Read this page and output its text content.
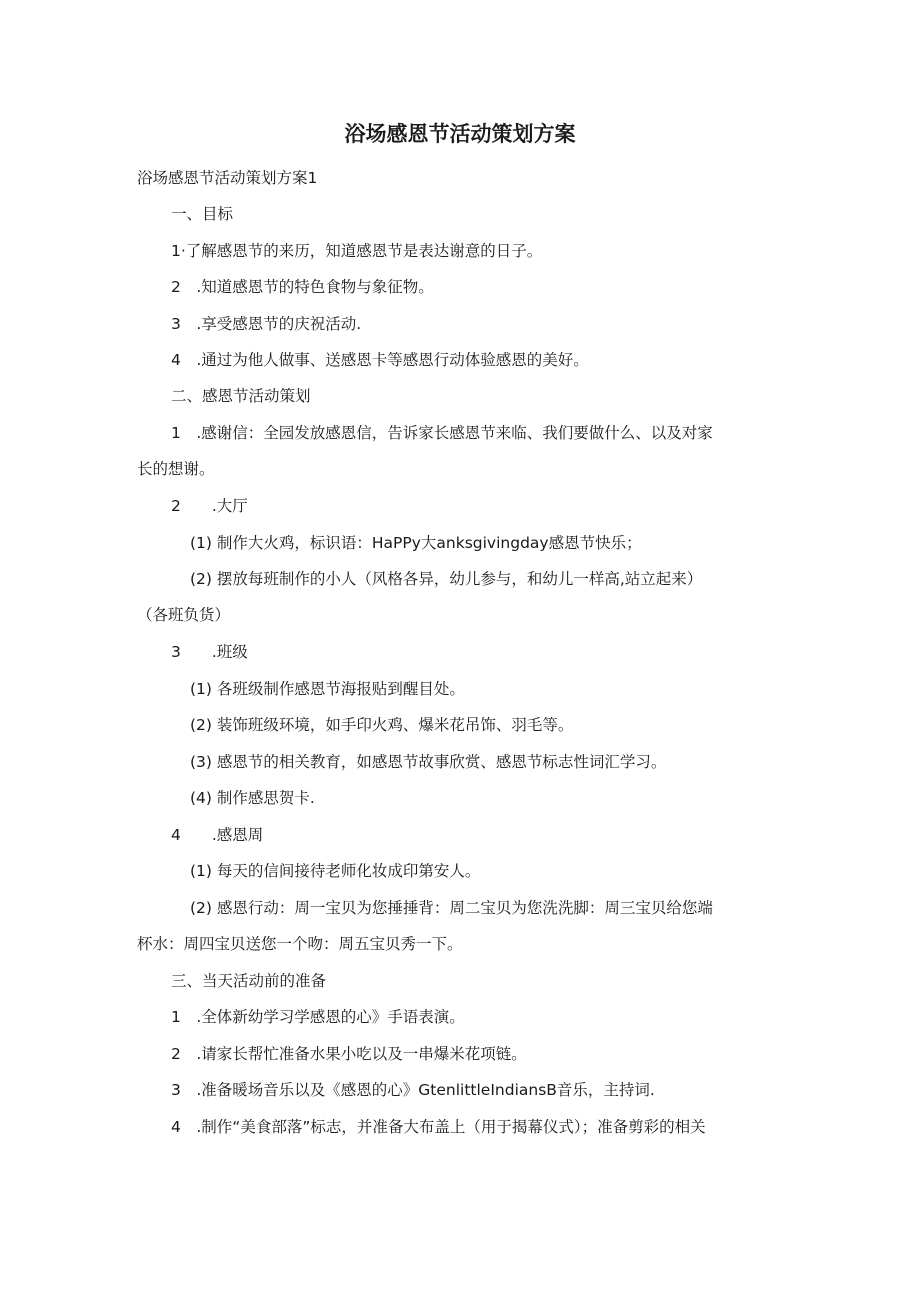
浴场感恩节活动策划方案
浴场感恩节活动策划方案1
一、目标
1·了解感恩节的来历，知道感恩节是表达谢意的日子。
2　.知道感恩节的特色食物与象征物。
3　.享受感恩节的庆祝活动.
4　.通过为他人做事、送感恩卡等感恩行动体验感恩的美好。
二、感恩节活动策划
1　.感谢信：全园发放感恩信，告诉家长感恩节来临、我们要做什么、以及对家
长的想谢。
2　　.大厅
(1) 制作大火鸡，标识语：HaPPy大anksgivingday感恩节快乐；
(2) 摆放每班制作的小人（风格各异，幼儿参与，和幼儿一样高,站立起来）
（各班负货）
3　　.班级
(1) 各班级制作感恩节海报贴到醒目处。
(2) 装饰班级环境，如手印火鸡、爆米花吊饰、羽毛等。
(3) 感恩节的相关教育，如感恩节故事欣赏、感恩节标志性词汇学习。
(4) 制作感思贺卡.
4　　.感恩周
(1) 每天的信间接待老师化妆成印第安人。
(2) 感恩行动：周一宝贝为您捶捶背：周二宝贝为您洗洗脚：周三宝贝给您端
杯水：周四宝贝送您一个吻：周五宝贝秀一下。
三、当天活动前的准备
1　.全体新幼学习学感恩的心》手语表演。
2　.请家长帮忙准备水果小吃以及一串爆米花项链。
3　.准备暖场音乐以及《感恩的心》GtenlittleIndiansB音乐，主持词.
4　.制作“美食部落”标志，并准备大布盖上（用于揭幕仪式）；准备剪彩的相关
